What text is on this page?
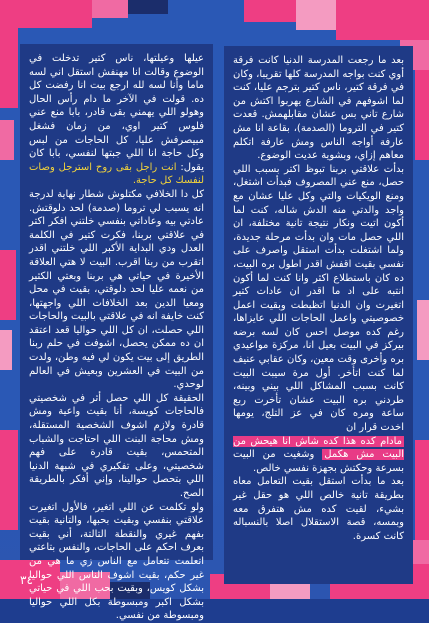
بعد ما رجعت المدرسة الدنيا كانت فرقة أوي كنت بواجه المدرسة كلها تقريبا، وكان في فرقة كتير، ناس كتير بترجم عليا، كنت لما اشوفهم في الشارع يهربوا اكتش من شارع تاني بس عشان مقابلهمش. قعدت كتير في التروما (الصدمة)، بقاعة انا مش عارفة أواجه الناس ومش عارفة اتكلم معاهم إزاي، وبشوية عديت الوضوع.

بدأت علاقتي بربنا تبوظ اكتر بسبب اللي حصل، منع عني المصروف فبدأت اشتغل، ومنع الويكيات والتي وكل عليا عشان مع واجد والدتي منه الدش شاله، كنت لما أكون اتيت ونكار نتيجة تانية مختلفة، ان اللي حصل مات وان بدأت مرحلة جديدة، ولما اشتغلت بدأت استقل واصرف على نفسي بقيت اقفش اقدر اطول بره البيت، ده كان باستطلاع اكثر وانا كنت لما أكون انتبه على اد ما اقدر ان عادات كتير اتغيرت وان الدنيا اتظبطت وبقيت اعمل خصوصيتي واعمل الحاجات اللي عايزاها، رغم كده موصل احس كان لسه برضه بيركز في البيت بعيل انا، مركزة مواعيدي بره وأخرى وقت معين، وكان عقابي عنيف لما كنت اتأخر. أول مرة سيبت البيت كانت بسبب المشاكل اللي بيني وبينه، طردني بره البيت عشان تأخرت ربع ساعة ومره كان في عز التلج، يومها اخدت قرار ان

مادام كده هذا كده شاش انا هيحش من البيت مش هكمل وشغيت من البيت بسرعة وحكتش بجهزة نفسي خالص.

بعد ما بدأت استقل بقيت التعامل معاه بطريقة تانية خالص اللي هو حقل غير بشيء، لقيت كده مش هتفرق معه وبمسه، قصة الاستقلال اصلا بالنسباله كانت كسرة.

عيلها وعيلتها، ناس كتير تدخلت في الوضوع وقالت انا مهنفش استقل اني لسه ماما وأنا لسه لله ارجع بيت انا رفضت كل ده. قولت في الآخر ما دام رأس الحال وهولو اللي يهمني بقى قادر، بابا منع عني فلوس كتير اوي، من زمان فشغل مبيصرفش عليا، كل الحاجات من لبس وكل حاجة انا اللي جبتها لنفسي، بابا كان يقول: انت راجل بقى روح استرجل وصات لنفسك كل حاجة.

كل دا الخلافي مكتلوش شطار نهاية لدرجة انه يسبب لي تروما (صدمة) لحد دلوقتش. عادتي بيه وعاداتي بنفسي خلتني افكر اكتر في علاقتي بربنا، فكرت كتير في الكلمة العدل ودي البداية الأكبر اللي خلتني اقدر اتقرب من ربنا اقرب. البيت لا هتي العلاقة الأخيرة في حياتي هي بربنا وبعتي الكثير من نعمه عليا لحد دلوقتي، بقيت في محل ومعيا الدين بعد الخلافات اللي واجهتها، كنت خايفة انه في علاقتي بالبيت والحاجات اللي حصلت، ان كل اللي حواليا قعد اعتقد ان ده ممكن يحصل، اشوفت في حلم ربنا الطريق إلى بيت يكون لي فيه وطن، ولدت من البيت في العشرين وبعيش في العالم لوحدي.

الحقيقة كل اللي حصل أثر في شخصيتي فالحاجات كويسة، أنا بقيت واعية ومش قادرة ولازم اشوف الشخصية المستقلة، ومش محاجة البنت اللي احتاجت والشباب المتحمس، بقيت قادرة على فهم شخصيتي، وعلى تفكيري في شبهة الدنيا اللي بتحصل حوالينا، وإني أفكر بالطريقة الصح.

ولو تكلمت عن اللي اتغير، فالأول اتغيرت علاقتي بنفسي وبقيت بحبها، والتانية بقيت بفهم غيري والنقطة التالتة، أني بقيت بعرف احكم على الحاجات، والنفس بتاعتي اتعلمت تتعامل مع الناس زي ما هي من غير حكم، بقيت اشوف الناس اللي حواليا بشكل كويس، وبقيت بحب اللي في حياتي بشكل اكبر ومبسوطة بكل اللي حواليا ومبسوطة من نفسي.

٣٤
